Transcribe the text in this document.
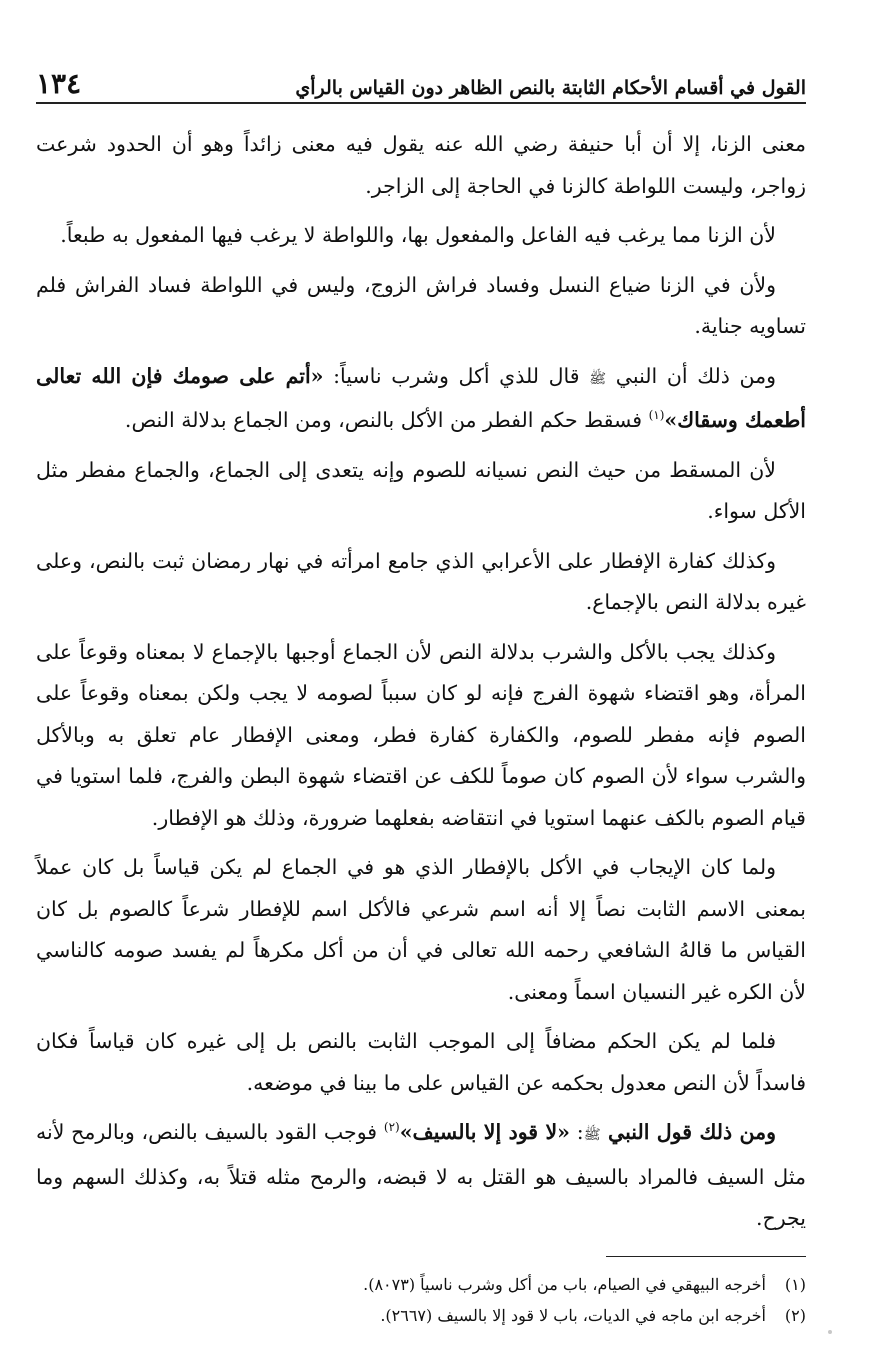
القول في أقسام الأحكام الثابتة بالنص الظاهر دون القياس بالرأي
١٣٤

معنى الزنا، إلا أن أبا حنيفة رضي الله عنه يقول فيه معنى زائداً وهو أن الحدود شرعت زواجر، وليست اللواطة كالزنا في الحاجة إلى الزاجر.

لأن الزنا مما يرغب فيه الفاعل والمفعول بها، واللواطة لا يرغب فيها المفعول به طبعاً.

ولأن في الزنا ضياع النسل وفساد فراش الزوج، وليس في اللواطة فساد الفراش فلم تساويه جناية.

ومن ذلك أن النبي ﷺ قال للذي أكل وشرب ناسياً: «أتم على صومك فإن الله تعالى أطعمك وسقاك»$^{(١)}$ فسقط حكم الفطر من الأكل بالنص، ومن الجماع بدلالة النص.

لأن المسقط من حيث النص نسيانه للصوم وإنه يتعدى إلى الجماع، والجماع مفطر مثل الأكل سواء.

وكذلك كفارة الإفطار على الأعرابي الذي جامع امرأته في نهار رمضان ثبت بالنص، وعلى غيره بدلالة النص بالإجماع.

وكذلك يجب بالأكل والشرب بدلالة النص لأن الجماع أوجبها بالإجماع لا بمعناه وقوعاً على المرأة، وهو اقتضاء شهوة الفرج فإنه لو كان سبباً لصومه لا يجب ولكن بمعناه وقوعاً على الصوم فإنه مفطر للصوم، والكفارة كفارة فطر، ومعنى الإفطار عام تعلق به وبالأكل والشرب سواء لأن الصوم كان صوماً للكف عن اقتضاء شهوة البطن والفرج، فلما استويا في قيام الصوم بالكف عنهما استويا في انتقاضه بفعلهما ضرورة، وذلك هو الإفطار.

ولما كان الإيجاب في الأكل بالإفطار الذي هو في الجماع لم يكن قياساً بل كان عملاً بمعنى الاسم الثابت نصاً إلا أنه اسم شرعي فالأكل اسم للإفطار شرعاً كالصوم بل كان القياس ما قالهُ الشافعي رحمه الله تعالى في أن من أكل مكرهاً لم يفسد صومه كالناسي لأن الكره غير النسيان اسماً ومعنى.

فلما لم يكن الحكم مضافاً إلى الموجب الثابت بالنص بل إلى غيره كان قياساً فكان فاسداً لأن النص معدول بحكمه عن القياس على ما بينا في موضعه.

ومن ذلك قول النبي ﷺ: «لا قود إلا بالسيف»$^{(٢)}$ فوجب القود بالسيف بالنص، وبالرمح لأنه مثل السيف فالمراد بالسيف هو القتل به لا قبضه، والرمح مثله قتلاً به، وكذلك السهم وما يجرح.

(١)
أخرجه البيهقي في الصيام، باب من أكل وشرب ناسياً (٨٠٧٣).

(٢)
أخرجه ابن ماجه في الديات، باب لا قود إلا بالسيف (٢٦٦٧).
